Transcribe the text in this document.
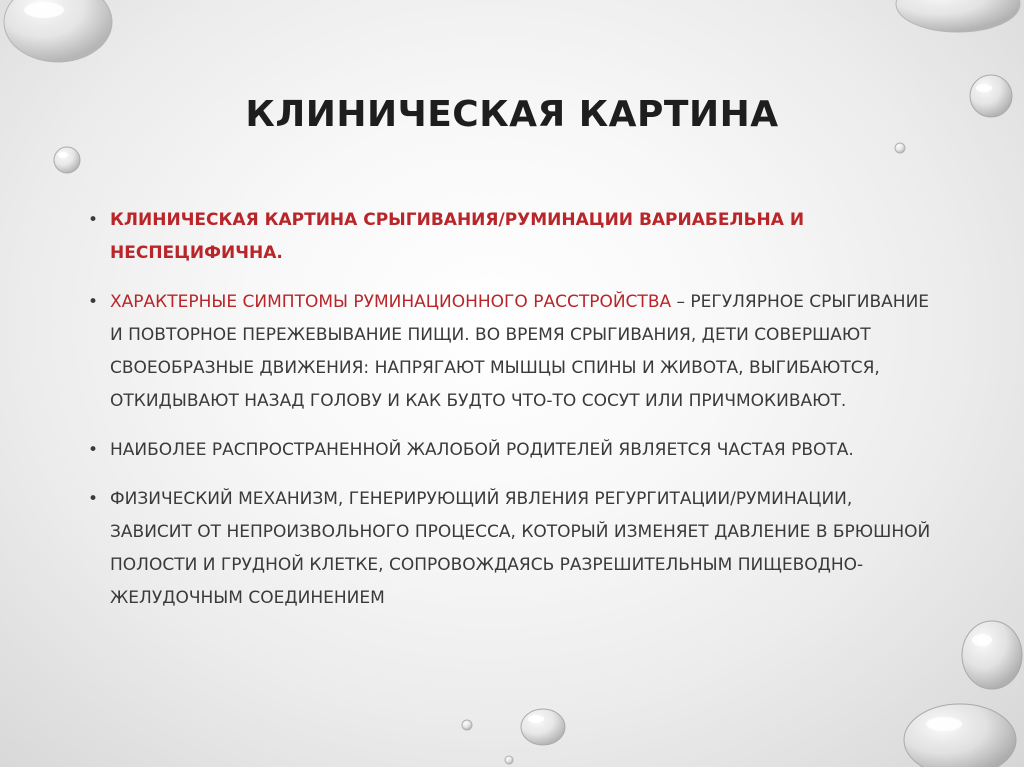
КЛИНИЧЕСКАЯ КАРТИНА
• КЛИНИЧЕСКАЯ КАРТИНА СРЫГИВАНИЯ/РУМИНАЦИИ ВАРИАБЕЛЬНА И НЕСПЕЦИФИЧНА.
• ХАРАКТЕРНЫЕ СИМПТОМЫ РУМИНАЦИОННОГО РАССТРОЙСТВА – РЕГУЛЯРНОЕ СРЫГИВАНИЕ И ПОВТОРНОЕ ПЕРЕЖЕВЫВАНИЕ ПИЩИ. ВО ВРЕМЯ СРЫГИВАНИЯ, ДЕТИ СОВЕРШАЮТ СВОЕОБРАЗНЫЕ ДВИЖЕНИЯ: НАПРЯГАЮТ МЫШЦЫ СПИНЫ И ЖИВОТА, ВЫГИБАЮТСЯ, ОТКИДЫВАЮТ НАЗАД ГОЛОВУ И КАК БУДТО ЧТО-ТО СОСУТ ИЛИ ПРИЧМОКИВАЮТ.
• НАИБОЛЕЕ РАСПРОСТРАНЕННОЙ ЖАЛОБОЙ РОДИТЕЛЕЙ ЯВЛЯЕТСЯ ЧАСТАЯ РВОТА.
• ФИЗИЧЕСКИЙ МЕХАНИЗМ, ГЕНЕРИРУЮЩИЙ ЯВЛЕНИЯ РЕГУРГИТАЦИИ/РУМИНАЦИИ, ЗАВИСИТ ОТ НЕПРОИЗВОЛЬНОГО ПРОЦЕССА, КОТОРЫЙ ИЗМЕНЯЕТ ДАВЛЕНИЕ В БРЮШНОЙ ПОЛОСТИ И ГРУДНОЙ КЛЕТКЕ, СОПРОВОЖДАЯСЬ РАЗРЕШИТЕЛЬНЫМ ПИЩЕВОДНО-ЖЕЛУДОЧНЫМ СОЕДИНЕНИЕМ
